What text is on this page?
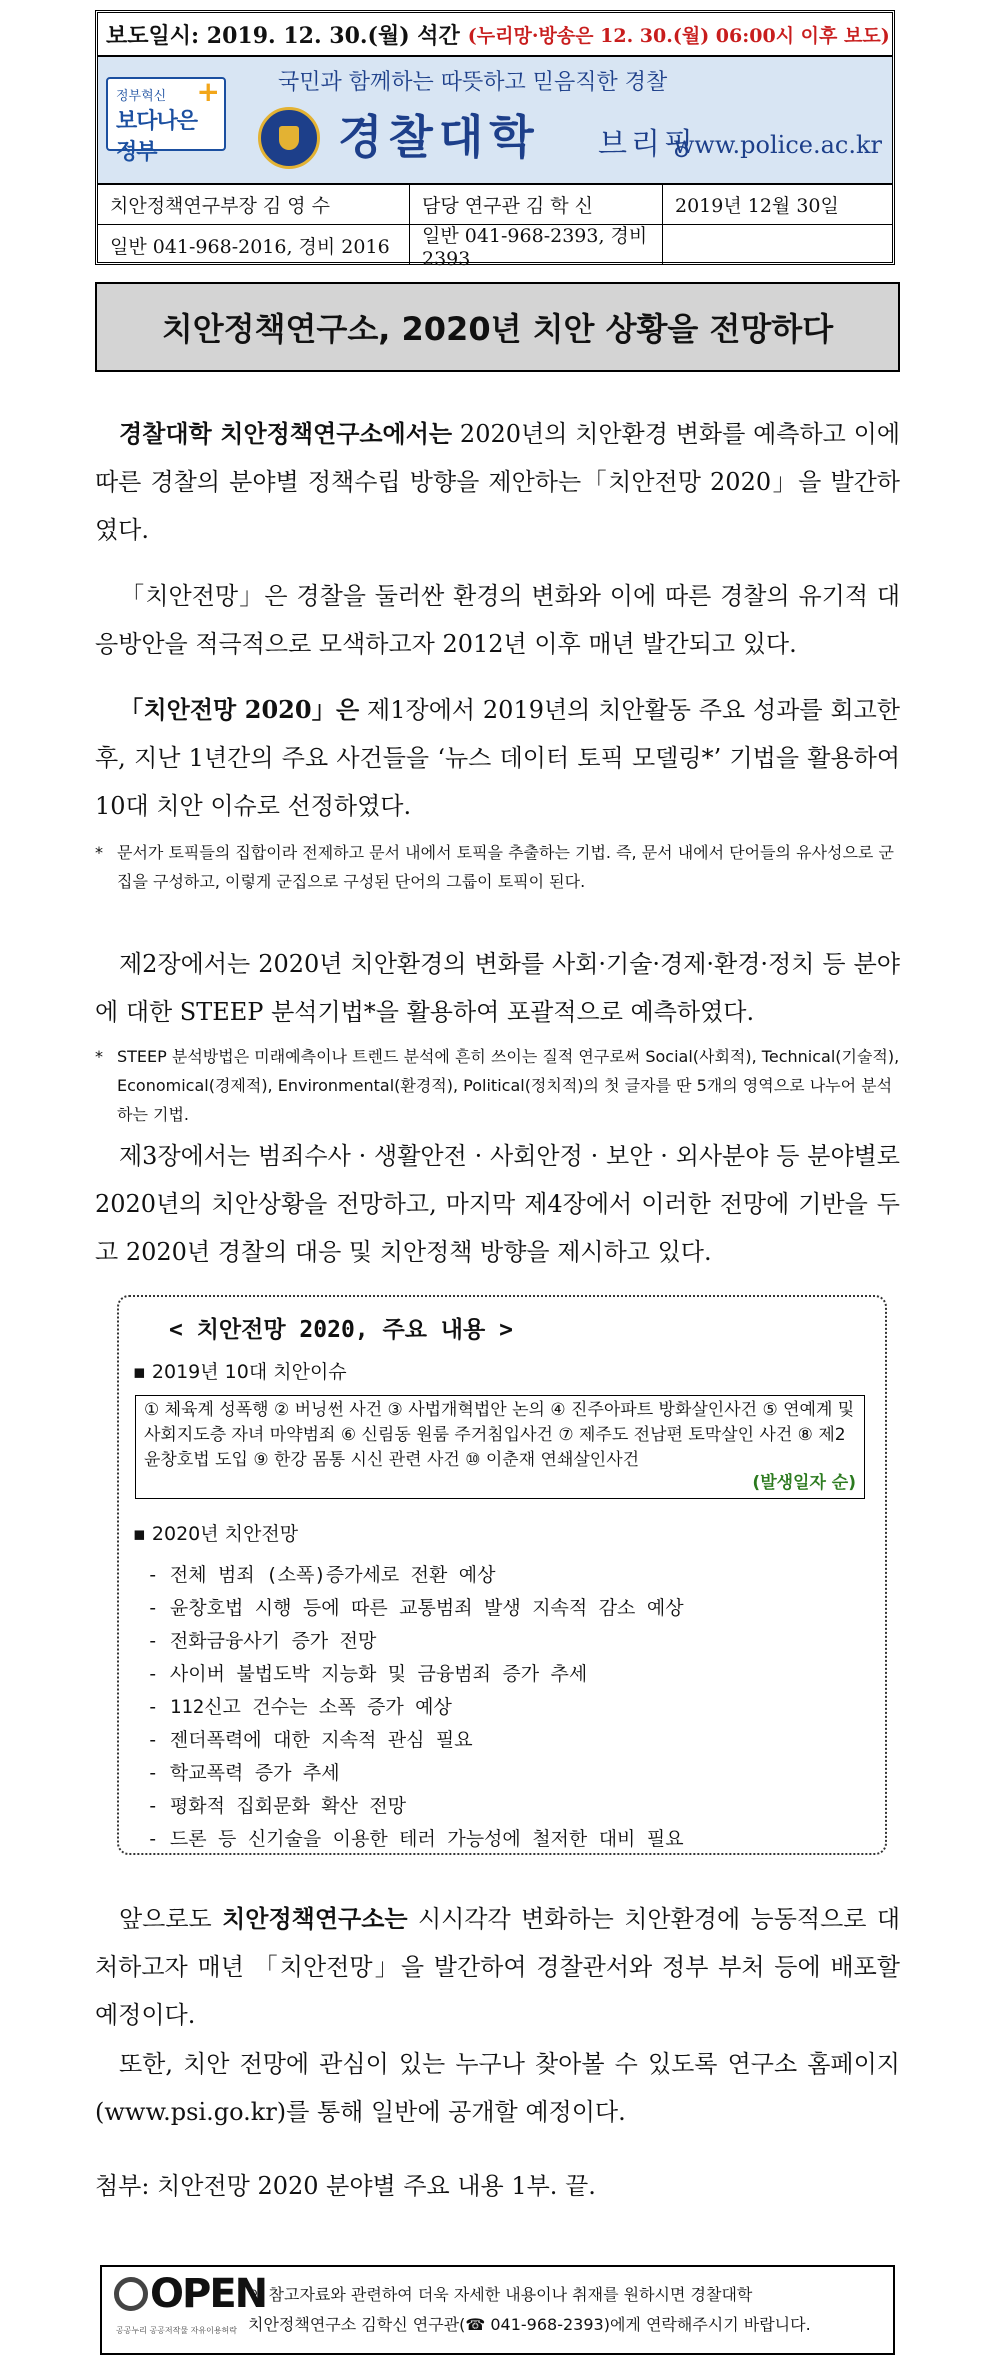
보도일시: 2019. 12. 30.(월) 석간 (누리망·방송은 12. 30.(월) 06:00시 이후 보도)
정부혁신
보다나은 정부
+	국민과 함께하는 따뜻하고 믿음직한 경찰
경찰대학 브리핑
www.police.ac.kr
치안정책연구부장 김 영 수	담당 연구관 김 학 신	2019년 12월 30일
일반 041-968-2016, 경비 2016	일반 041-968-2393, 경비 2393
치안정책연구소, 2020년 치안 상황을 전망하다

경찰대학 치안정책연구소에서는 2020년의 치안환경 변화를 예측하고 이에 따른 경찰의 분야별 정책수립 방향을 제안하는「치안전망 2020」을 발간하였다.

「치안전망」은 경찰을 둘러싼 환경의 변화와 이에 따른 경찰의 유기적 대응방안을 적극적으로 모색하고자 2012년 이후 매년 발간되고 있다.

「치안전망 2020」은 제1장에서 2019년의 치안활동 주요 성과를 회고한 후, 지난 1년간의 주요 사건들을 ‘뉴스 데이터 토픽 모델링*’ 기법을 활용하여 10대 치안 이슈로 선정하였다.

* 문서가 토픽들의 집합이라 전제하고 문서 내에서 토픽을 추출하는 기법. 즉, 문서 내에서 단어들의 유사성으로 군집을 구성하고, 이렇게 군집으로 구성된 단어의 그룹이 토픽이 된다.

제2장에서는 2020년 치안환경의 변화를 사회·기술·경제·환경·정치 등 분야에 대한 STEEP 분석기법*을 활용하여 포괄적으로 예측하였다.

* STEEP 분석방법은 미래예측이나 트렌드 분석에 흔히 쓰이는 질적 연구로써 Social(사회적), Technical(기술적), Economical(경제적), Environmental(환경적), Political(정치적)의 첫 글자를 딴 5개의 영역으로 나누어 분석하는 기법.

제3장에서는 범죄수사 · 생활안전 · 사회안정 · 보안 · 외사분야 등 분야별로 2020년의 치안상황을 전망하고, 마지막 제4장에서 이러한 전망에 기반을 두고 2020년 경찰의 대응 및 치안정책 방향을 제시하고 있다.

< 치안전망 2020, 주요 내용 >
▪ 2019년 10대 치안이슈
① 체육계 성폭행 ② 버닝썬 사건 ③ 사법개혁법안 논의 ④ 진주아파트 방화살인사건 ⑤ 연예계 및 사회지도층 자녀 마약범죄 ⑥ 신림동 원룸 주거침입사건 ⑦ 제주도 전남편 토막살인 사건 ⑧ 제2 윤창호법 도입 ⑨ 한강 몸통 시신 관련 사건 ⑩ 이춘재 연쇄살인사건
(발생일자 순)
▪ 2020년 치안전망
- 전체 범죄 (소폭)증가세로 전환 예상
- 윤창호법 시행 등에 따른 교통범죄 발생 지속적 감소 예상
- 전화금융사기 증가 전망
- 사이버 불법도박 지능화 및 금융범죄 증가 추세
- 112신고 건수는 소폭 증가 예상
- 젠더폭력에 대한 지속적 관심 필요
- 학교폭력 증가 추세
- 평화적 집회문화 확산 전망
- 드론 등 신기술을 이용한 테러 가능성에 철저한 대비 필요

앞으로도 치안정책연구소는 시시각각 변화하는 치안환경에 능동적으로 대처하고자 매년 「치안전망」을 발간하여 경찰관서와 정부 부처 등에 배포할 예정이다.

또한, 치안 전망에 관심이 있는 누구나 찾아볼 수 있도록 연구소 홈페이지(www.psi.go.kr)를 통해 일반에 공개할 예정이다.

첨부: 치안전망 2020 분야별 주요 내용 1부. 끝.

OPEN
공공누리 공공저작물 자유이용허락
이 참고자료와 관련하여 더욱 자세한 내용이나 취재를 원하시면 경찰대학
치안정책연구소 김학신 연구관(☎ 041-968-2393)에게 연락해주시기 바랍니다.
